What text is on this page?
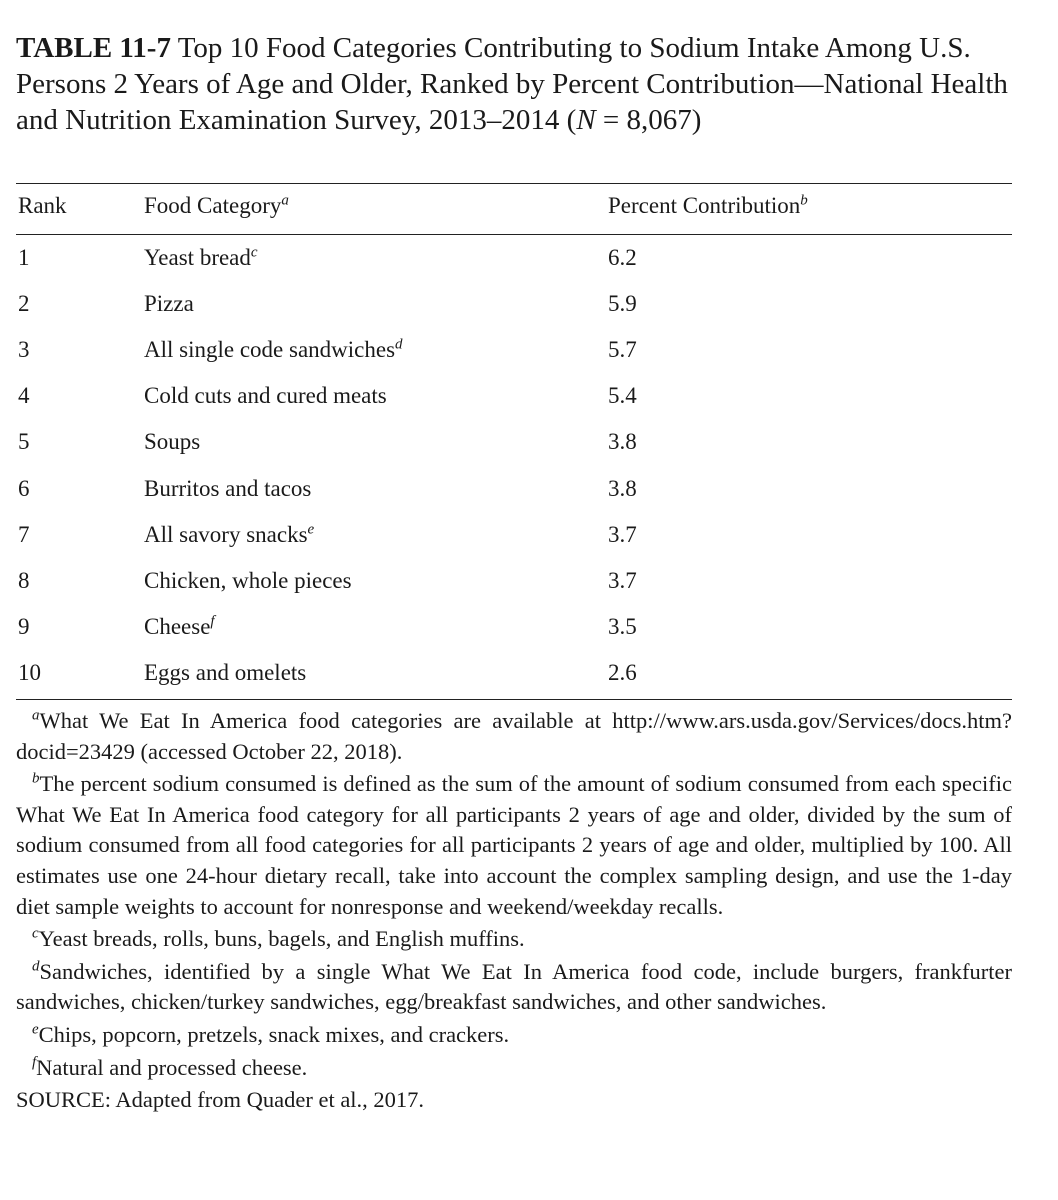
TABLE 11-7 Top 10 Food Categories Contributing to Sodium Intake Among U.S. Persons 2 Years of Age and Older, Ranked by Percent Contribution—National Health and Nutrition Examination Survey, 2013–2014 (N = 8,067)
Rank	Food Category$^a$	Percent Contribution$^b$
1	Yeast bread$^c$	6.2
2	Pizza	5.9
3	All single code sandwiches$^d$	5.7
4	Cold cuts and cured meats	5.4
5	Soups	3.8
6	Burritos and tacos	3.8
7	All savory snacks$^e$	3.7
8	Chicken, whole pieces	3.7
9	Cheese$^f$	3.5
10	Eggs and omelets	2.6

$^a$What We Eat In America food categories are available at http://www.ars.usda.gov/Services/docs.htm?docid=23429 (accessed October 22, 2018).

$^b$The percent sodium consumed is defined as the sum of the amount of sodium consumed from each specific What We Eat In America food category for all participants 2 years of age and older, divided by the sum of sodium consumed from all food categories for all participants 2 years of age and older, multiplied by 100. All estimates use one 24-hour dietary recall, take into account the complex sampling design, and use the 1-day diet sample weights to account for nonresponse and weekend/weekday recalls.

$^c$Yeast breads, rolls, buns, bagels, and English muffins.

$^d$Sandwiches, identified by a single What We Eat In America food code, include burgers, frankfurter sandwiches, chicken/turkey sandwiches, egg/breakfast sandwiches, and other sandwiches.

$^e$Chips, popcorn, pretzels, snack mixes, and crackers.

$^f$Natural and processed cheese.

SOURCE: Adapted from Quader et al., 2017.
